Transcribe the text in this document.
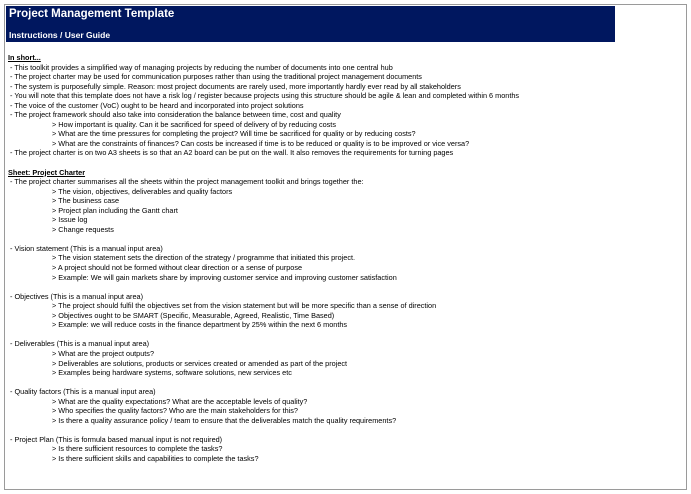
Project Management Template
Instructions / User Guide
In short...
- This toolkit provides a simplified way of managing projects by reducing the number of documents into one central hub
- The project charter may be used for communication purposes rather than using the traditional project management documents
- The system is purposefully simple. Reason: most project documents are rarely used, more importantly hardly ever read by all stakeholders
- You will note that this template does not have a risk log / register because projects using this structure should be agile & lean and completed within 6 months
- The voice of the customer (VoC) ought to be heard and incorporated into project solutions
- The project framework should also take into consideration the balance between time, cost and quality
> How important is quality. Can it be sacrificed for speed of delivery of by reducing costs
> What are the time pressures for completing the project? Will time be sacrificed for quality or by reducing costs?
> What are the constraints of finances? Can costs be increased if time is to be reduced or quality is to be improved or vice versa?
- The project charter is on two A3 sheets is so that an A2 board can be put on the wall. It also removes the requirements for turning pages
Sheet: Project Charter
- The project charter summarises all the sheets within the project management toolkit and brings together the:
> The vision, objectives, deliverables and quality factors
> The business case
> Project plan including the Gantt chart
> Issue log
> Change requests
- Vision statement (This is a manual input area)
> The vision statement sets the direction of the strategy / programme that initiated this project.
> A project should not be formed without clear direction or a sense of purpose
> Example: We will gain markets share by improving customer service and improving customer satisfaction
- Objectives (This is a manual input area)
> The project should fulfil the objectives set from the vision statement but will be more specific than a sense of direction
> Objectives ought to be SMART (Specific, Measurable, Agreed, Realistic, Time Based)
> Example: we will reduce costs in the finance department by 25% within the next 6 months
- Deliverables (This is a manual input area)
> What are the project outputs?
> Deliverables are solutions, products or services created or amended as part of the project
> Examples being hardware systems, software solutions, new services etc
- Quality factors (This is a manual input area)
> What are the quality expectations? What are the acceptable levels of quality?
> Who specifies the quality factors? Who are the main stakeholders for this?
> Is there a quality assurance policy / team to ensure that the deliverables match the quality requirements?
- Project Plan (This is formula based manual input is not required)
> Is there sufficient resources to complete the tasks?
> Is there sufficient skills and capabilities to complete the tasks?
